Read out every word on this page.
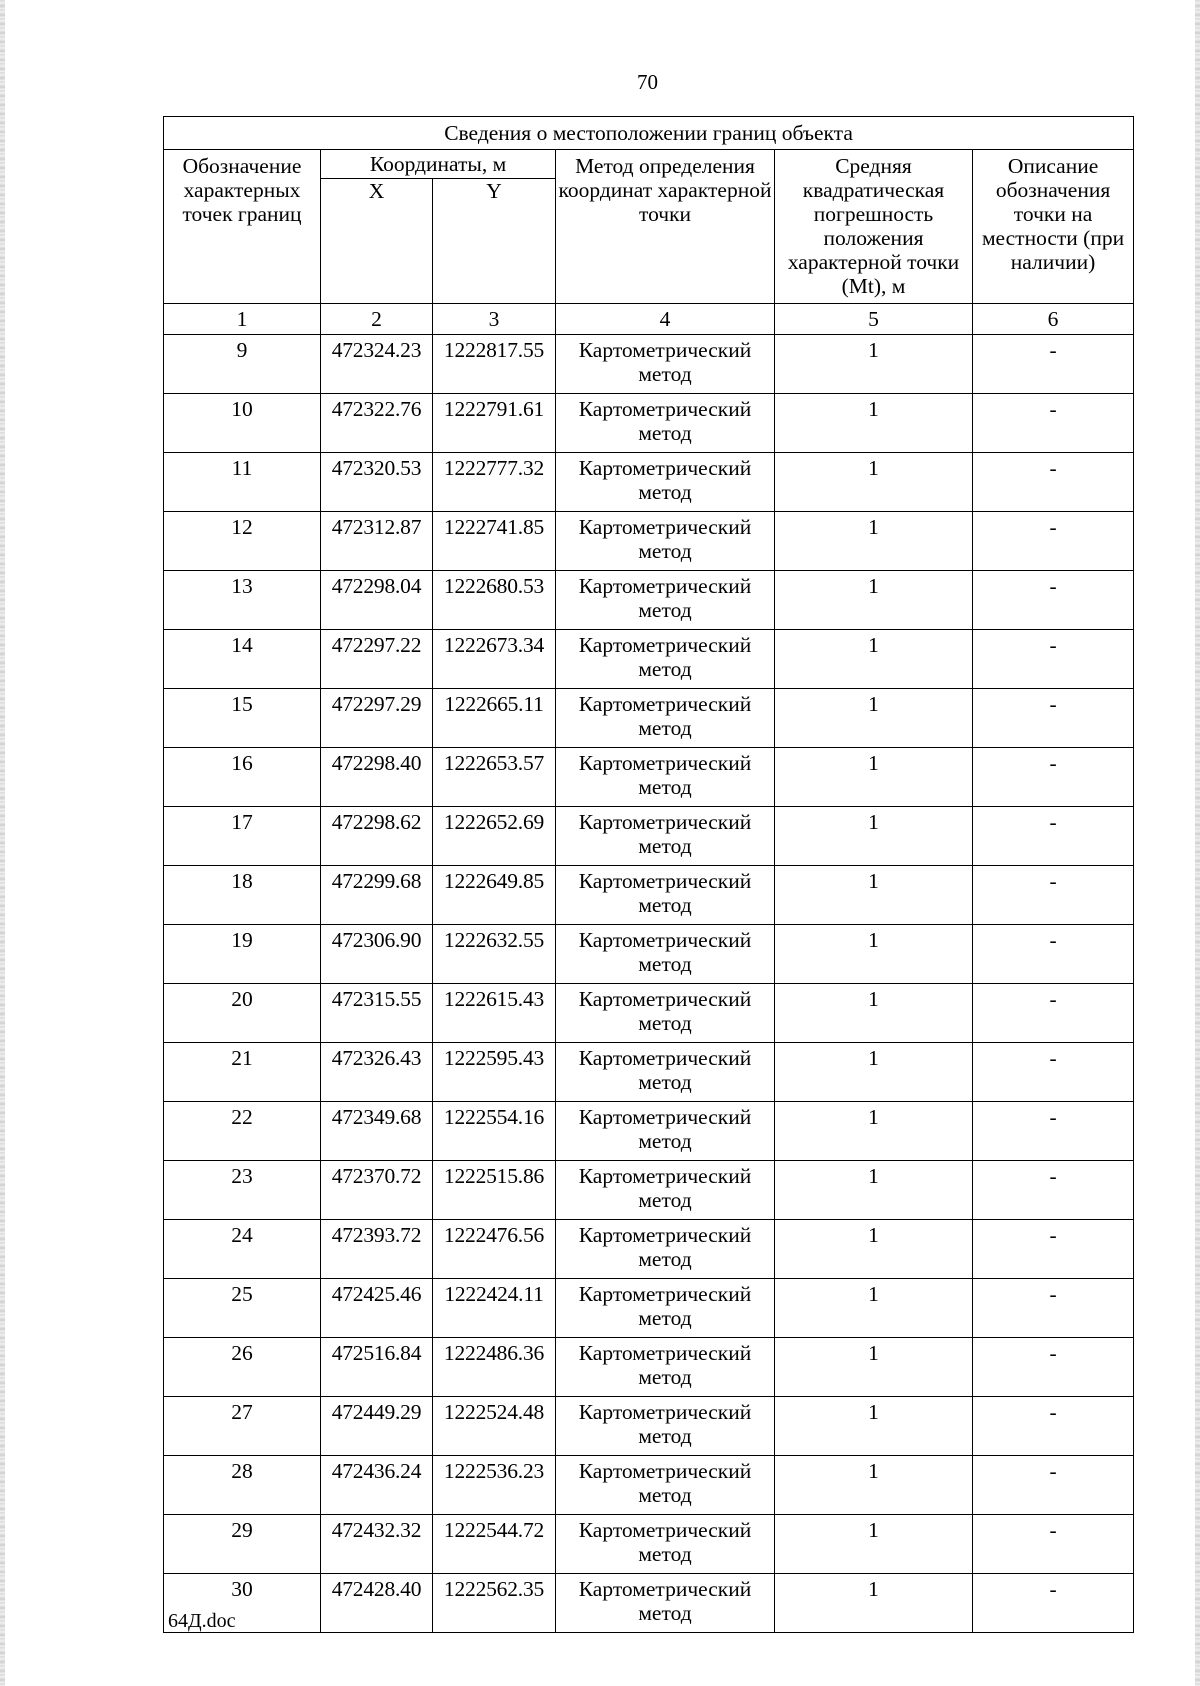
70
Сведения о местоположении границ объекта					
Обозначение характерных точек границ	Координаты, м		Метод определения координат характерной точки	Средняя квадратическая погрешность положения характерной точки (Mt), м	Описание обозначения точки на местности (при наличии)
	X	Y			
1	2	3	4	5	6
9	472324.23	1222817.55	Картометрический метод	1	-
10	472322.76	1222791.61	Картометрический метод	1	-
11	472320.53	1222777.32	Картометрический метод	1	-
12	472312.87	1222741.85	Картометрический метод	1	-
13	472298.04	1222680.53	Картометрический метод	1	-
14	472297.22	1222673.34	Картометрический метод	1	-
15	472297.29	1222665.11	Картометрический метод	1	-
16	472298.40	1222653.57	Картометрический метод	1	-
17	472298.62	1222652.69	Картометрический метод	1	-
18	472299.68	1222649.85	Картометрический метод	1	-
19	472306.90	1222632.55	Картометрический метод	1	-
20	472315.55	1222615.43	Картометрический метод	1	-
21	472326.43	1222595.43	Картометрический метод	1	-
22	472349.68	1222554.16	Картометрический метод	1	-
23	472370.72	1222515.86	Картометрический метод	1	-
24	472393.72	1222476.56	Картометрический метод	1	-
25	472425.46	1222424.11	Картометрический метод	1	-
26	472516.84	1222486.36	Картометрический метод	1	-
27	472449.29	1222524.48	Картометрический метод	1	-
28	472436.24	1222536.23	Картометрический метод	1	-
29	472432.32	1222544.72	Картометрический метод	1	-
30	472428.40	1222562.35	Картометрический метод	1	-
64Д.doc
